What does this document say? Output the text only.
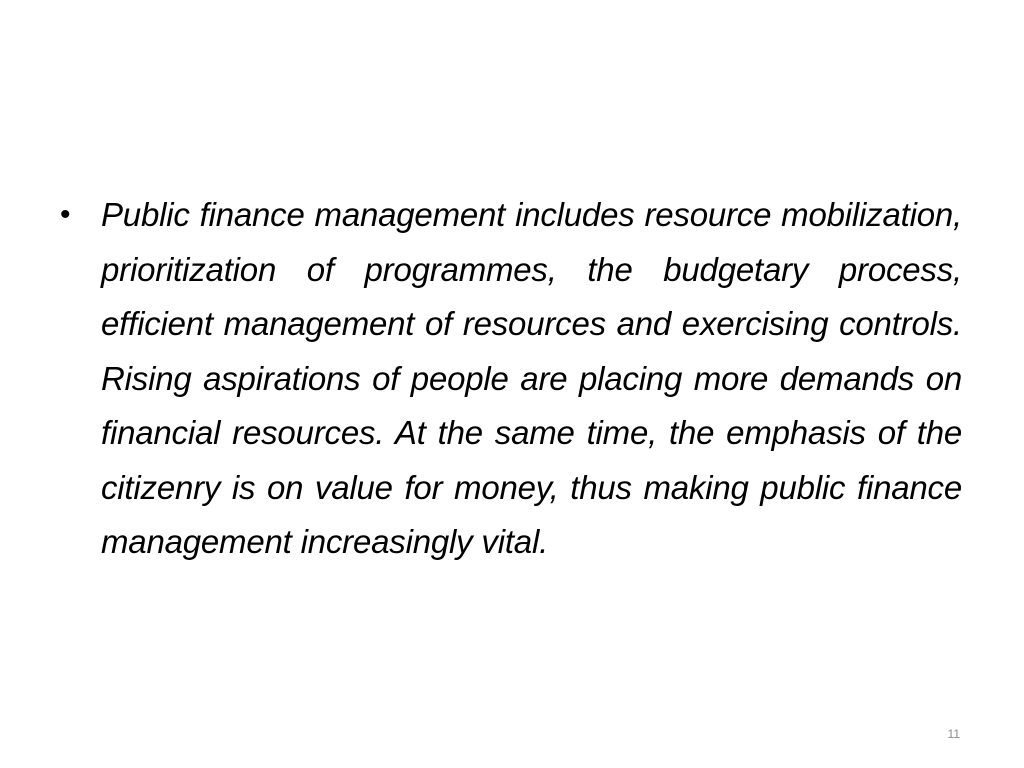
• Public finance management includes resource mobilization, prioritization of programmes, the budgetary process, efficient management of resources and exercising controls. Rising aspirations of people are placing more demands on financial resources. At the same time, the emphasis of the citizenry is on value for money, thus making public finance management increasingly vital.
11
